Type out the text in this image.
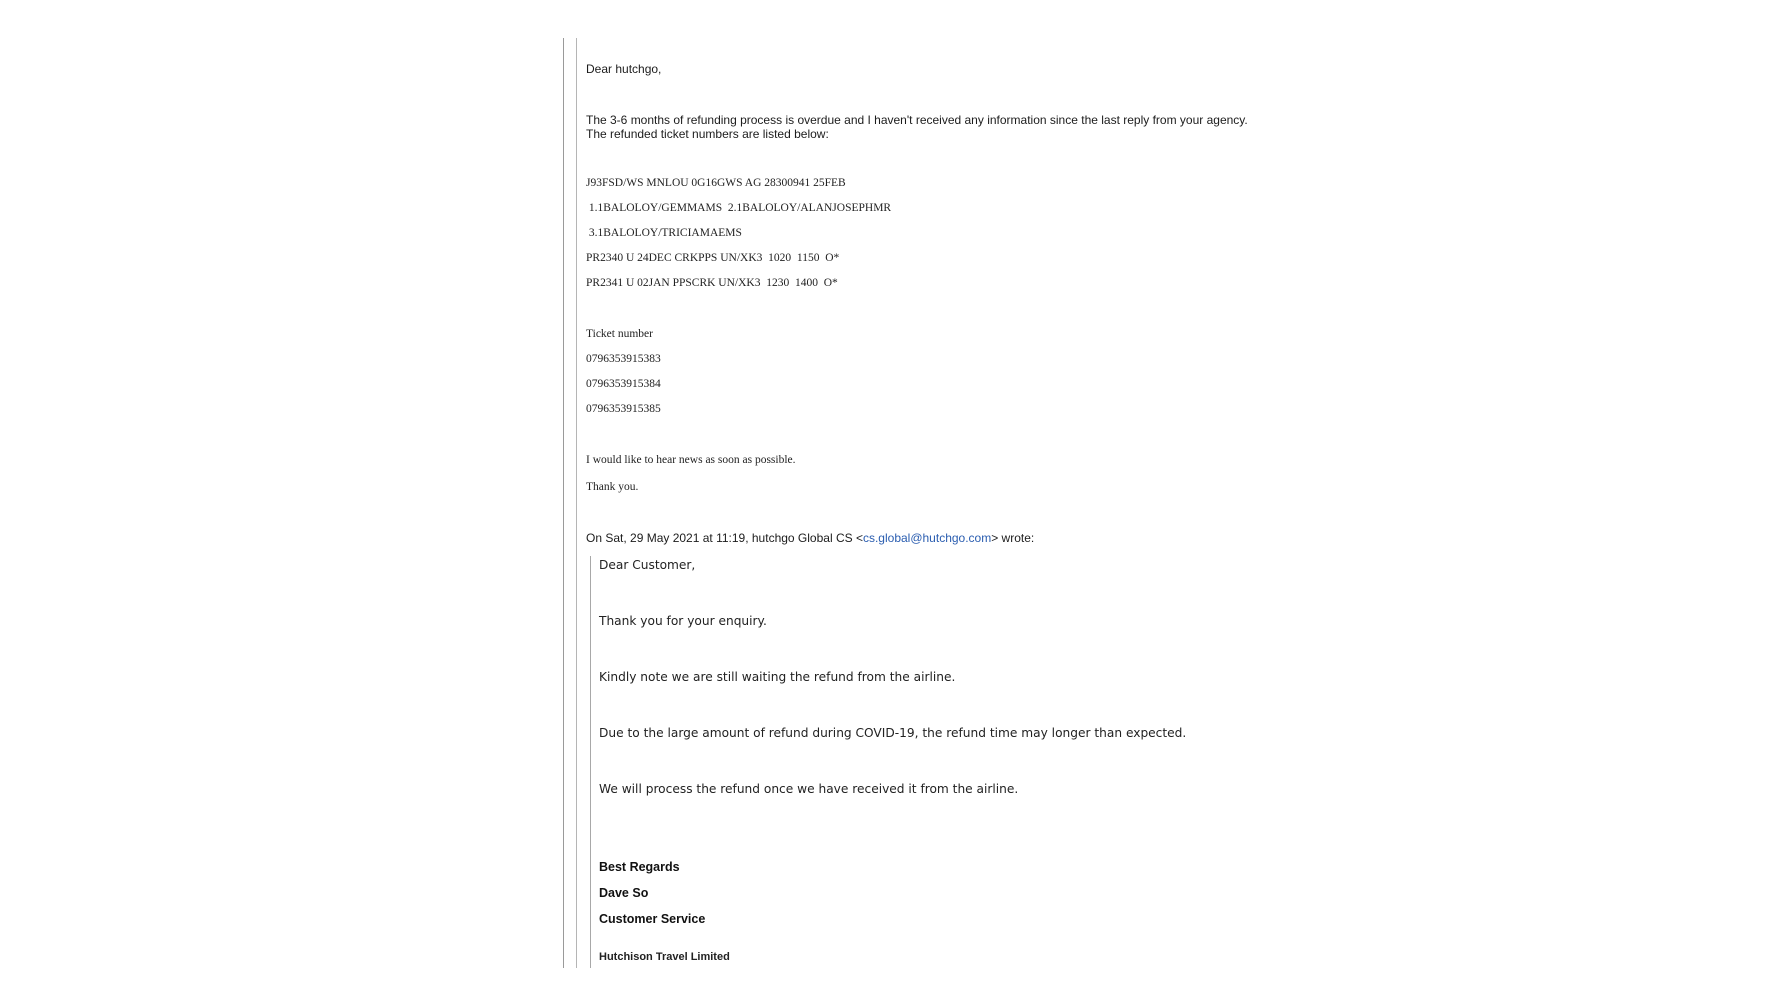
Dear hutchgo,
The 3-6 months of refunding process is overdue and I haven't received any information since the last reply from your agency.
The refunded ticket numbers are listed below:
J93FSD/WS MNLOU 0G16GWS AG 28300941 25FEB
1.1BALOLOY/GEMMAMS  2.1BALOLOY/ALANJOSEPHMR
3.1BALOLOY/TRICIAMAEMS
PR2340 U 24DEC CRKPPS UN/XK3  1020  1150  O*
PR2341 U 02JAN PPSCRK UN/XK3  1230  1400  O*
Ticket number
0796353915383
0796353915384
0796353915385
I would like to hear news as soon as possible.
Thank you.
On Sat, 29 May 2021 at 11:19, hutchgo Global CS <cs.global@hutchgo.com> wrote:
Dear Customer,
Thank you for your enquiry.
Kindly note we are still waiting the refund from the airline.
Due to the large amount of refund during COVID-19, the refund time may longer than expected.
We will process the refund once we have received it from the airline.
Best Regards
Dave So
Customer Service
Hutchison Travel Limited
